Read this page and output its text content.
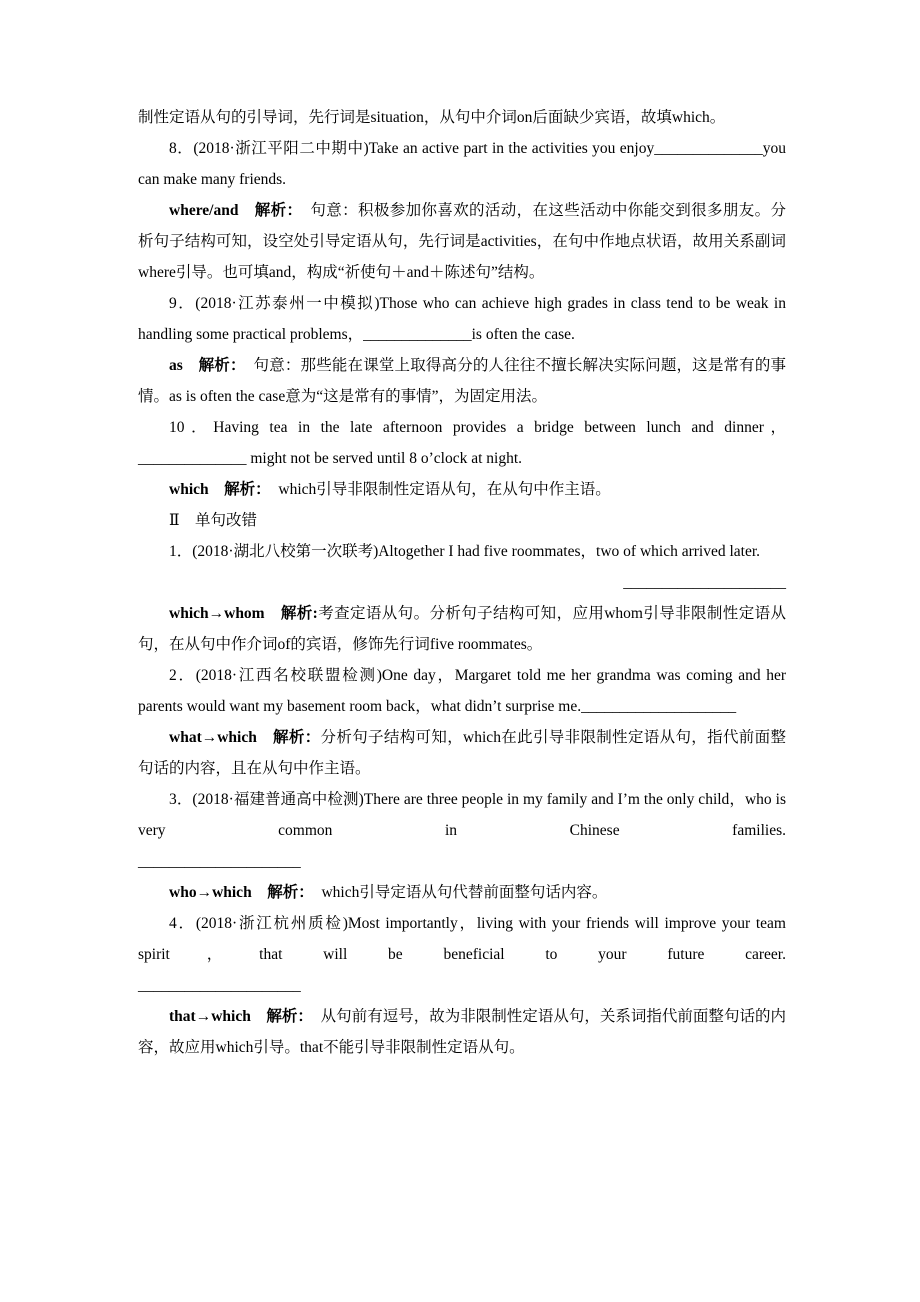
制性定语从句的引导词，先行词是situation，从句中介词on后面缺少宾语，故填which。

8．(2018·浙江平阳二中期中)Take an active part in the activities you enjoy______________you can make many friends.

where/and　 解析：　句意：积极参加你喜欢的活动，在这些活动中你能交到很多朋友。分析句子结构可知，设空处引导定语从句，先行词是activities，在句中作地点状语，故用关系副词where引导。也可填and，构成“祈使句＋and＋陈述句”结构。

9．(2018·江苏泰州一中模拟)Those who can achieve high grades in class tend to be weak in handling some practical problems，______________is often the case.

as　 解析：　句意：那些能在课堂上取得高分的人往往不擅长解决实际问题，这是常有的事情。as is often the case意为“这是常有的事情”，为固定用法。

10．Having tea in the late afternoon provides a bridge between lunch and dinner，______________ might not be served until 8 o’clock at night.

which　 解析：　which引导非限制性定语从句，在从句中作主语。

Ⅱ　单句改错

1．(2018·湖北八校第一次联考)Altogether I had five roommates，two of which arrived later.

_____________________

which→whom　 解析:考查定语从句。分析句子结构可知，应用whom引导非限制性定语从句，在从句中作介词of的宾语，修饰先行词five roommates。

2．(2018·江西名校联盟检测)One day，Margaret told me her grandma was coming and her parents would want my basement room back，what didn’t surprise me.____________________

what→which　 解析：分析句子结构可知，which在此引导非限制性定语从句，指代前面整句话的内容，且在从句中作主语。

3．(2018·福建普通高中检测)There are three people in my family and I’m the only child，who is very common in Chinese families.

_____________________

who→which　 解析：　which引导定语从句代替前面整句话内容。

4．(2018·浙江杭州质检)Most importantly，living with your friends will improve your team spirit，that will be beneficial to your future career.

_____________________

that→which　 解析：　从句前有逗号，故为非限制性定语从句，关系词指代前面整句话的内容，故应用which引导。that不能引导非限制性定语从句。
